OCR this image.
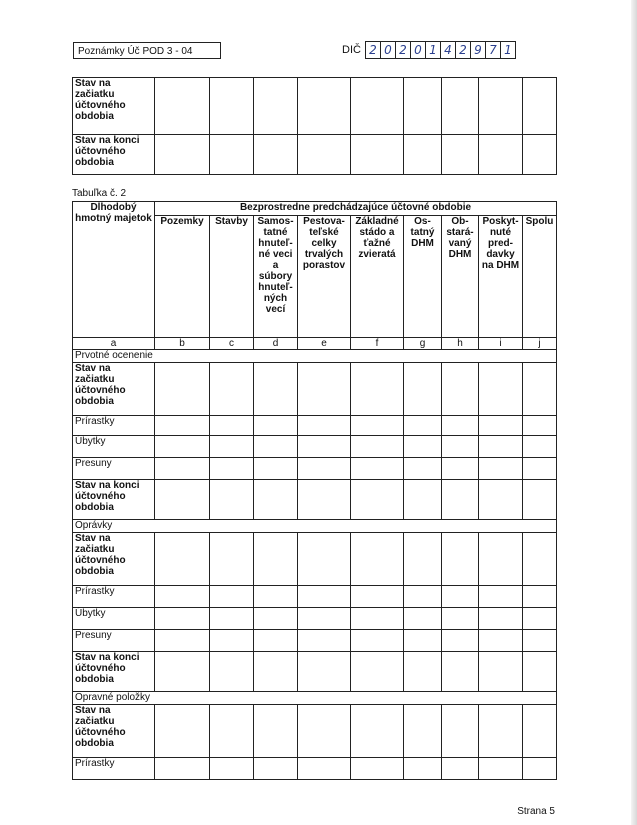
Poznámky Úč POD 3 - 04	DIČ 2 0 2 0 1 4 2 9 7 1
Stav na začiatku účtovného obdobia									
Stav na konci účtovného obdobia									
Tabuľka č. 2
Dlhodobý hmotný majetok	Bezprostredne predchádzajúce účtovné obdobie								
	Pozemky	Stavby	Samos-tatné hnuteľ-né veci a súbory hnuteľ-ných vecí	Pestova-teľské celky trvalých porastov	Základné stádo a ťažné zvieratá	Os-tatný DHM	Ob-stará-vaný DHM	Poskyt-nuté pred-davky na DHM	Spolu
a	b	c	d	e	f	g	h	i	j
Prvotné ocenenie									
Stav na začiatku účtovného obdobia									
Prírastky									
Úbytky									
Presuny									
Stav na konci účtovného obdobia									
Oprávky									
Stav na začiatku účtovného obdobia									
Prírastky									
Úbytky									
Presuny									
Stav na konci účtovného obdobia									
Opravné položky									
Stav na začiatku účtovného obdobia									
Prírastky									
Strana 5
